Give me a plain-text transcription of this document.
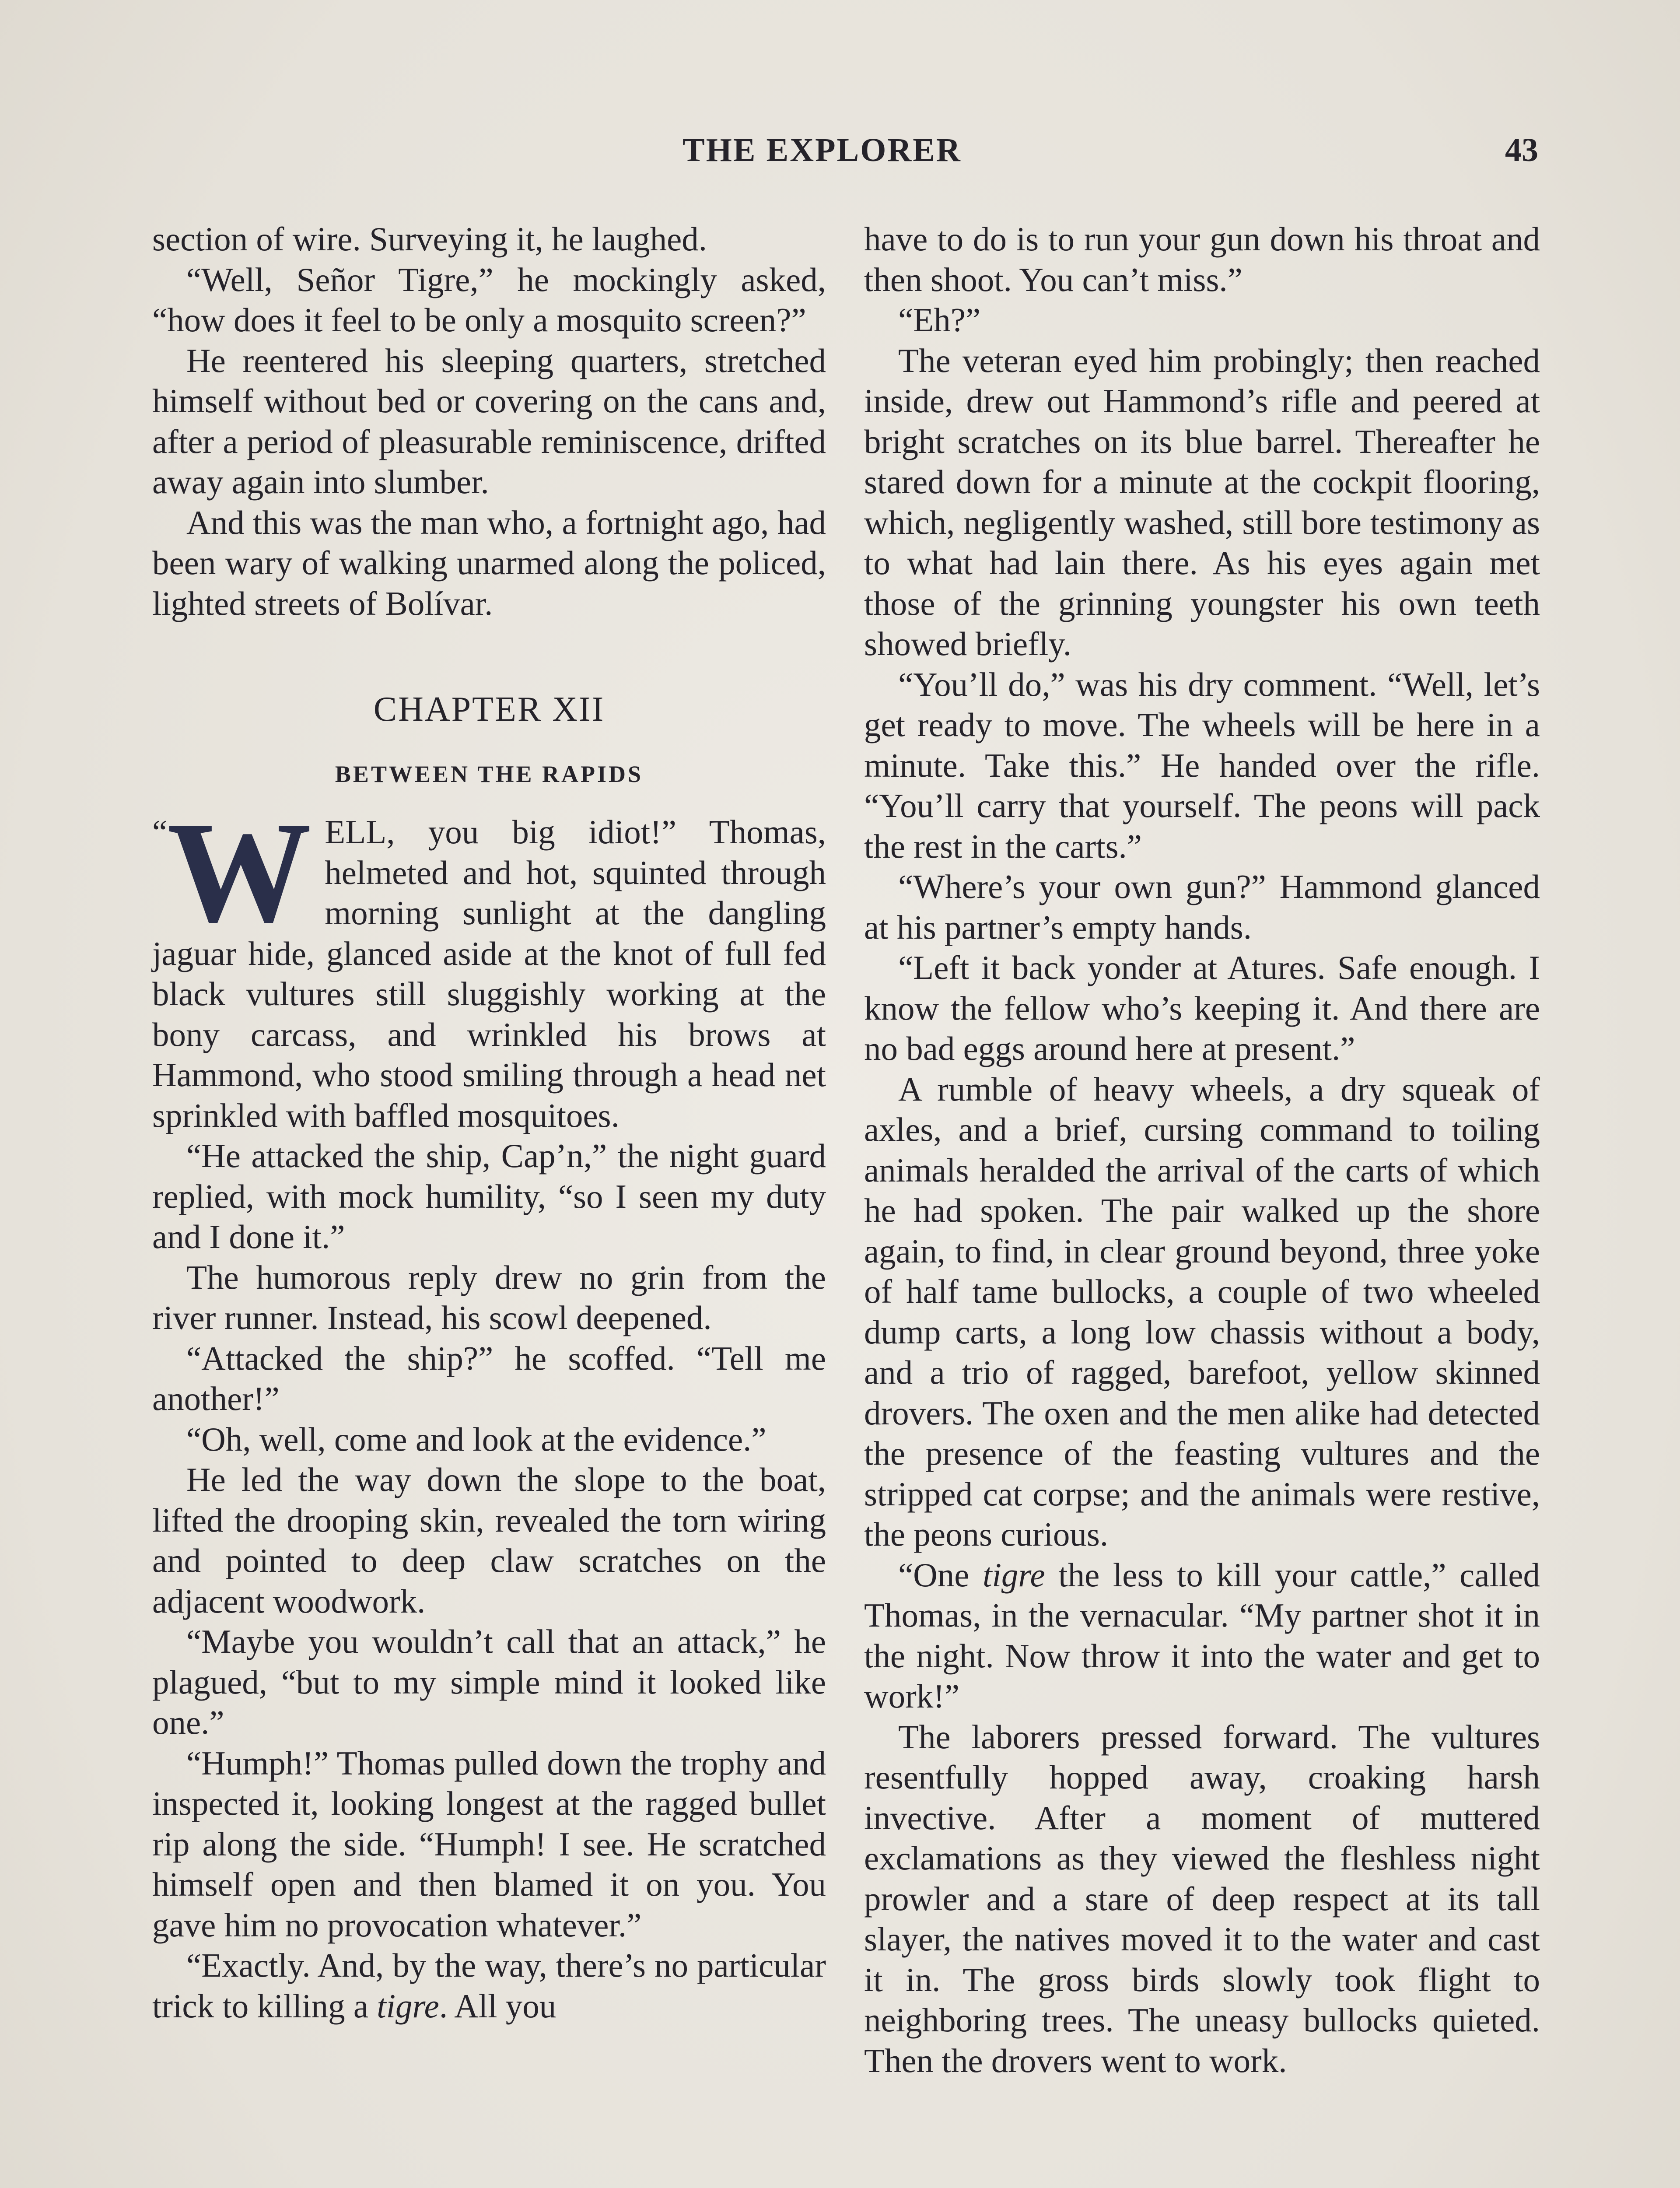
THE EXPLORER	43

section of wire. Surveying it, he laughed.

“Well, Señor Tigre,” he mockingly asked, “how does it feel to be only a mosquito screen?”

He reentered his sleeping quarters, stretched himself without bed or covering on the cans and, after a period of pleasurable reminiscence, drifted away again into slumber.

And this was the man who, a fortnight ago, had been wary of walking unarmed along the policed, lighted streets of Bolívar.

CHAPTER XII
BETWEEN THE RAPIDS

“ W ELL, you big idiot!” Thomas, helmeted and hot, squinted through morning sunlight at the dangling jaguar hide, glanced aside at the knot of full fed black vultures still sluggishly working at the bony carcass, and wrinkled his brows at Hammond, who stood smiling through a head net sprinkled with baffled mosquitoes.

“He attacked the ship, Cap’n,” the night guard replied, with mock humility, “so I seen my duty and I done it.”

The humorous reply drew no grin from the river runner. Instead, his scowl deepened.

“Attacked the ship?” he scoffed. “Tell me another!”

“Oh, well, come and look at the evidence.”

He led the way down the slope to the boat, lifted the drooping skin, revealed the torn wiring and pointed to deep claw scratches on the adjacent woodwork.

“Maybe you wouldn’t call that an attack,” he plagued, “but to my simple mind it looked like one.”

“Humph!” Thomas pulled down the trophy and inspected it, looking longest at the ragged bullet rip along the side. “Humph! I see. He scratched himself open and then blamed it on you. You gave him no provocation whatever.”

“Exactly. And, by the way, there’s no particular trick to killing a tigre. All you

have to do is to run your gun down his throat and then shoot. You can’t miss.”

“Eh?”

The veteran eyed him probingly; then reached inside, drew out Hammond’s rifle and peered at bright scratches on its blue barrel. Thereafter he stared down for a minute at the cockpit flooring, which, negligently washed, still bore testimony as to what had lain there. As his eyes again met those of the grinning youngster his own teeth showed briefly.

“You’ll do,” was his dry comment. “Well, let’s get ready to move. The wheels will be here in a minute. Take this.” He handed over the rifle. “You’ll carry that yourself. The peons will pack the rest in the carts.”

“Where’s your own gun?” Hammond glanced at his partner’s empty hands.

“Left it back yonder at Atures. Safe enough. I know the fellow who’s keeping it. And there are no bad eggs around here at present.”

A rumble of heavy wheels, a dry squeak of axles, and a brief, cursing command to toiling animals heralded the arrival of the carts of which he had spoken. The pair walked up the shore again, to find, in clear ground beyond, three yoke of half tame bullocks, a couple of two wheeled dump carts, a long low chassis without a body, and a trio of ragged, barefoot, yellow skinned drovers. The oxen and the men alike had detected the presence of the feasting vultures and the stripped cat corpse; and the animals were restive, the peons curious.

“One tigre the less to kill your cattle,” called Thomas, in the vernacular. “My partner shot it in the night. Now throw it into the water and get to work!”

The laborers pressed forward. The vultures resentfully hopped away, croaking harsh invective. After a moment of muttered exclamations as they viewed the fleshless night prowler and a stare of deep respect at its tall slayer, the natives moved it to the water and cast it in. The gross birds slowly took flight to neighboring trees. The uneasy bullocks quieted. Then the drovers went to work.
